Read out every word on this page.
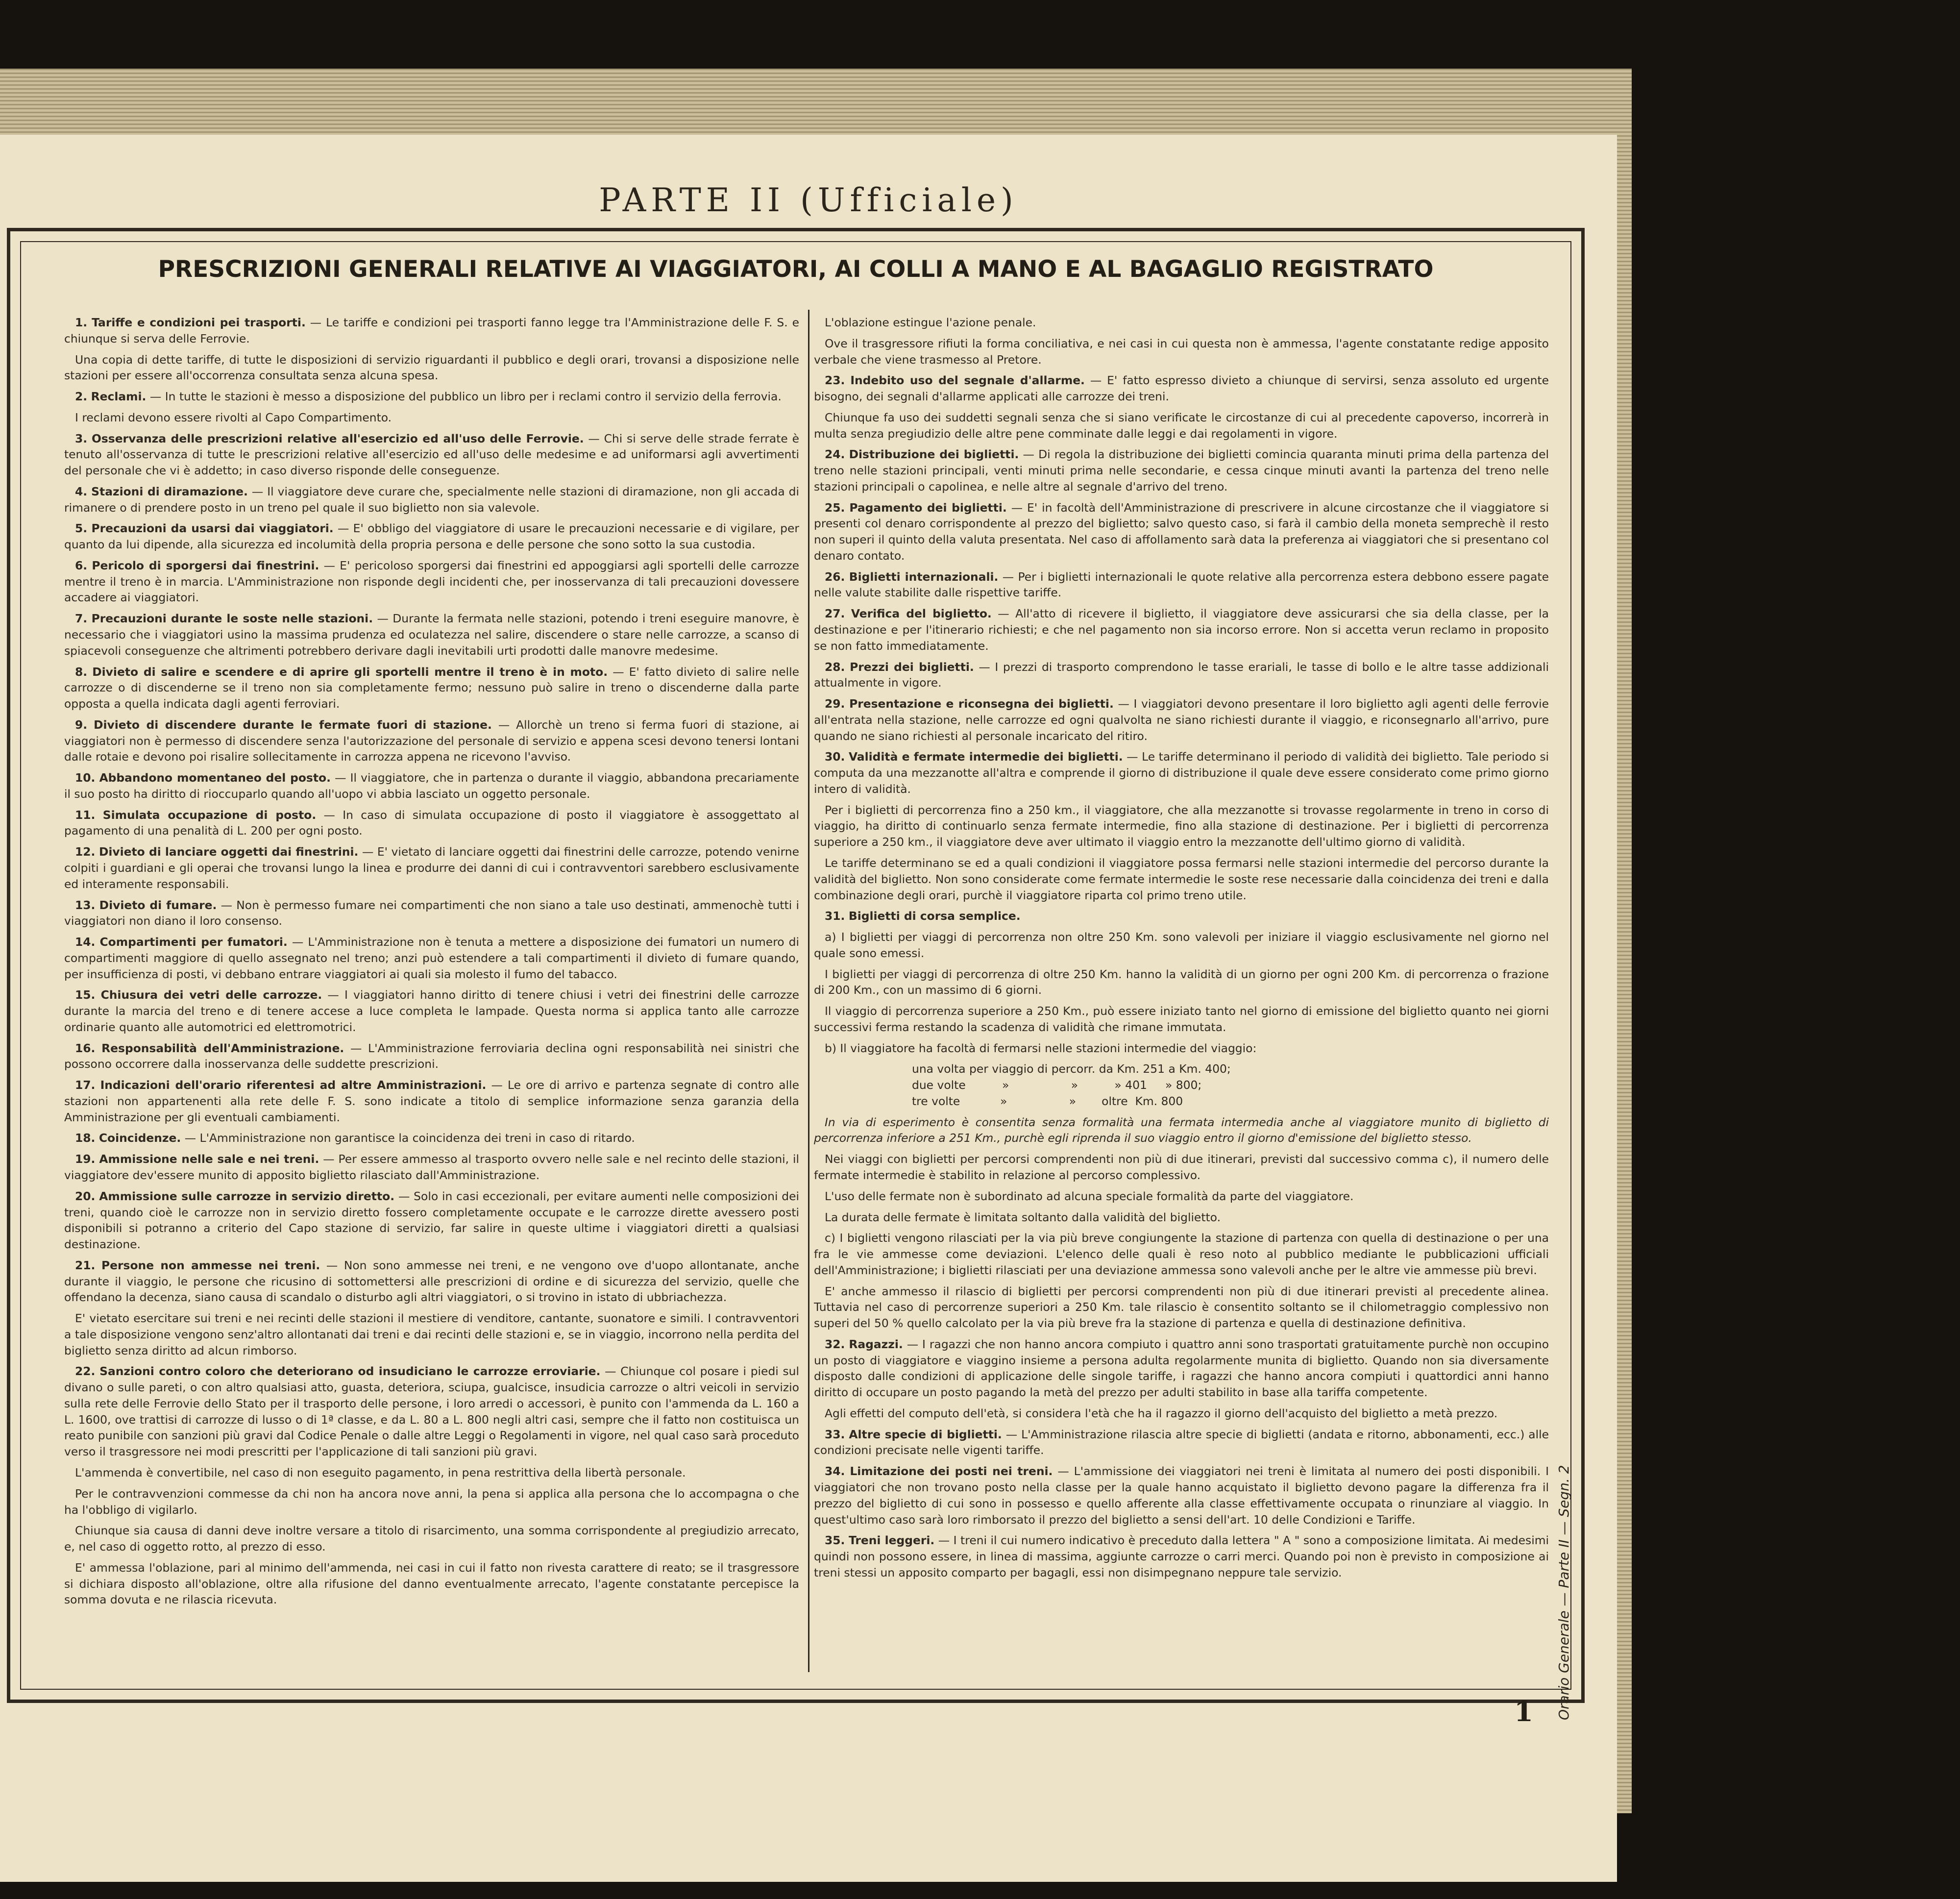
PARTE II (Ufficiale)
PRESCRIZIONI GENERALI RELATIVE AI VIAGGIATORI, AI COLLI A MANO E AL BAGAGLIO REGISTRATO

1. Tariffe e condizioni pei trasporti. — Le tariffe e condizioni pei trasporti fanno legge tra l'Amministrazione delle F. S. e chiunque si serva delle Ferrovie.

Una copia di dette tariffe, di tutte le disposizioni di servizio riguardanti il pubblico e degli orari, trovansi a disposizione nelle stazioni per essere all'occorrenza consultata senza alcuna spesa.

2. Reclami. — In tutte le stazioni è messo a disposizione del pubblico un libro per i reclami contro il servizio della ferrovia.

I reclami devono essere rivolti al Capo Compartimento.

3. Osservanza delle prescrizioni relative all'esercizio ed all'uso delle Ferrovie. — Chi si serve delle strade ferrate è tenuto all'osservanza di tutte le prescrizioni relative all'esercizio ed all'uso delle medesime e ad uniformarsi agli avvertimenti del personale che vi è addetto; in caso diverso risponde delle conseguenze.

4. Stazioni di diramazione. — Il viaggiatore deve curare che, specialmente nelle stazioni di diramazione, non gli accada di rimanere o di prendere posto in un treno pel quale il suo biglietto non sia valevole.

5. Precauzioni da usarsi dai viaggiatori. — E' obbligo del viaggiatore di usare le precauzioni necessarie e di vigilare, per quanto da lui dipende, alla sicurezza ed incolumità della propria persona e delle persone che sono sotto la sua custodia.

6. Pericolo di sporgersi dai finestrini. — E' pericoloso sporgersi dai finestrini ed appoggiarsi agli sportelli delle carrozze mentre il treno è in marcia. L'Amministrazione non risponde degli incidenti che, per inosservanza di tali precauzioni dovessere accadere ai viaggiatori.

7. Precauzioni durante le soste nelle stazioni. — Durante la fermata nelle stazioni, potendo i treni eseguire manovre, è necessario che i viaggiatori usino la massima prudenza ed oculatezza nel salire, discendere o stare nelle carrozze, a scanso di spiacevoli conseguenze che altrimenti potrebbero derivare dagli inevitabili urti prodotti dalle manovre medesime.

8. Divieto di salire e scendere e di aprire gli sportelli mentre il treno è in moto. — E' fatto divieto di salire nelle carrozze o di discenderne se il treno non sia completamente fermo; nessuno può salire in treno o discenderne dalla parte opposta a quella indicata dagli agenti ferroviari.

9. Divieto di discendere durante le fermate fuori di stazione. — Allorchè un treno si ferma fuori di stazione, ai viaggiatori non è permesso di discendere senza l'autorizzazione del personale di servizio e appena scesi devono tenersi lontani dalle rotaie e devono poi risalire sollecitamente in carrozza appena ne ricevono l'avviso.

10. Abbandono momentaneo del posto. — Il viaggiatore, che in partenza o durante il viaggio, abbandona precariamente il suo posto ha diritto di rioccuparlo quando all'uopo vi abbia lasciato un oggetto personale.

11. Simulata occupazione di posto. — In caso di simulata occupazione di posto il viaggiatore è assoggettato al pagamento di una penalità di L. 200 per ogni posto.

12. Divieto di lanciare oggetti dai finestrini. — E' vietato di lanciare oggetti dai finestrini delle carrozze, potendo venirne colpiti i guardiani e gli operai che trovansi lungo la linea e produrre dei danni di cui i contravventori sarebbero esclusivamente ed interamente responsabili.

13. Divieto di fumare. — Non è permesso fumare nei compartimenti che non siano a tale uso destinati, ammenochè tutti i viaggiatori non diano il loro consenso.

14. Compartimenti per fumatori. — L'Amministrazione non è tenuta a mettere a disposizione dei fumatori un numero di compartimenti maggiore di quello assegnato nel treno; anzi può estendere a tali compartimenti il divieto di fumare quando, per insufficienza di posti, vi debbano entrare viaggiatori ai quali sia molesto il fumo del tabacco.

15. Chiusura dei vetri delle carrozze. — I viaggiatori hanno diritto di tenere chiusi i vetri dei finestrini delle carrozze durante la marcia del treno e di tenere accese a luce completa le lampade. Questa norma si applica tanto alle carrozze ordinarie quanto alle automotrici ed elettromotrici.

16. Responsabilità dell'Amministrazione. — L'Amministrazione ferroviaria declina ogni responsabilità nei sinistri che possono occorrere dalla inosservanza delle suddette prescrizioni.

17. Indicazioni dell'orario riferentesi ad altre Amministrazioni. — Le ore di arrivo e partenza segnate di contro alle stazioni non appartenenti alla rete delle F. S. sono indicate a titolo di semplice informazione senza garanzia della Amministrazione per gli eventuali cambiamenti.

18. Coincidenze. — L'Amministrazione non garantisce la coincidenza dei treni in caso di ritardo.

19. Ammissione nelle sale e nei treni. — Per essere ammesso al trasporto ovvero nelle sale e nel recinto delle stazioni, il viaggiatore dev'essere munito di apposito biglietto rilasciato dall'Amministrazione.

20. Ammissione sulle carrozze in servizio diretto. — Solo in casi eccezionali, per evitare aumenti nelle composizioni dei treni, quando cioè le carrozze non in servizio diretto fossero completamente occupate e le carrozze dirette avessero posti disponibili si potranno a criterio del Capo stazione di servizio, far salire in queste ultime i viaggiatori diretti a qualsiasi destinazione.

21. Persone non ammesse nei treni. — Non sono ammesse nei treni, e ne vengono ove d'uopo allontanate, anche durante il viaggio, le persone che ricusino di sottomettersi alle prescrizioni di ordine e di sicurezza del servizio, quelle che offendano la decenza, siano causa di scandalo o disturbo agli altri viaggiatori, o si trovino in istato di ubbriachezza.

E' vietato esercitare sui treni e nei recinti delle stazioni il mestiere di venditore, cantante, suonatore e simili. I contravventori a tale disposizione vengono senz'altro allontanati dai treni e dai recinti delle stazioni e, se in viaggio, incorrono nella perdita del biglietto senza diritto ad alcun rimborso.

22. Sanzioni contro coloro che deteriorano od insudiciano le carrozze erroviarie. — Chiunque col posare i piedi sul divano o sulle pareti, o con altro qualsiasi atto, guasta, deteriora, sciupa, gualcisce, insudicia carrozze o altri veicoli in servizio sulla rete delle Ferrovie dello Stato per il trasporto delle persone, i loro arredi o accessori, è punito con l'ammenda da L. 160 a L. 1600, ove trattisi di carrozze di lusso o di 1ª classe, e da L. 80 a L. 800 negli altri casi, sempre che il fatto non costituisca un reato punibile con sanzioni più gravi dal Codice Penale o dalle altre Leggi o Regolamenti in vigore, nel qual caso sarà proceduto verso il trasgressore nei modi prescritti per l'applicazione di tali sanzioni più gravi.

L'ammenda è convertibile, nel caso di non eseguito pagamento, in pena restrittiva della libertà personale.

Per le contravvenzioni commesse da chi non ha ancora nove anni, la pena si applica alla persona che lo accompagna o che ha l'obbligo di vigilarlo.

Chiunque sia causa di danni deve inoltre versare a titolo di risarcimento, una somma corrispondente al pregiudizio arrecato, e, nel caso di oggetto rotto, al prezzo di esso.

E' ammessa l'oblazione, pari al minimo dell'ammenda, nei casi in cui il fatto non rivesta carattere di reato; se il trasgressore si dichiara disposto all'oblazione, oltre alla rifusione del danno eventualmente arrecato, l'agente constatante percepisce la somma dovuta e ne rilascia ricevuta.

L'oblazione estingue l'azione penale.

Ove il trasgressore rifiuti la forma conciliativa, e nei casi in cui questa non è ammessa, l'agente constatante redige apposito verbale che viene trasmesso al Pretore.

23. Indebito uso del segnale d'allarme. — E' fatto espresso divieto a chiunque di servirsi, senza assoluto ed urgente bisogno, dei segnali d'allarme applicati alle carrozze dei treni.

Chiunque fa uso dei suddetti segnali senza che si siano verificate le circostanze di cui al precedente capoverso, incorrerà in multa senza pregiudizio delle altre pene comminate dalle leggi e dai regolamenti in vigore.

24. Distribuzione dei biglietti. — Di regola la distribuzione dei biglietti comincia quaranta minuti prima della partenza del treno nelle stazioni principali, venti minuti prima nelle secondarie, e cessa cinque minuti avanti la partenza del treno nelle stazioni principali o capolinea, e nelle altre al segnale d'arrivo del treno.

25. Pagamento dei biglietti. — E' in facoltà dell'Amministrazione di prescrivere in alcune circostanze che il viaggiatore si presenti col denaro corrispondente al prezzo del biglietto; salvo questo caso, si farà il cambio della moneta semprechè il resto non superi il quinto della valuta presentata. Nel caso di affollamento sarà data la preferenza ai viaggiatori che si presentano col denaro contato.

26. Biglietti internazionali. — Per i biglietti internazionali le quote relative alla percorrenza estera debbono essere pagate nelle valute stabilite dalle rispettive tariffe.

27. Verifica del biglietto. — All'atto di ricevere il biglietto, il viaggiatore deve assicurarsi che sia della classe, per la destinazione e per l'itinerario richiesti; e che nel pagamento non sia incorso errore. Non si accetta verun reclamo in proposito se non fatto immediatamente.

28. Prezzi dei biglietti. — I prezzi di trasporto comprendono le tasse erariali, le tasse di bollo e le altre tasse addizionali attualmente in vigore.

29. Presentazione e riconsegna dei biglietti. — I viaggiatori devono presentare il loro biglietto agli agenti delle ferrovie all'entrata nella stazione, nelle carrozze ed ogni qualvolta ne siano richiesti durante il viaggio, e riconsegnarlo all'arrivo, pure quando ne siano richiesti al personale incaricato del ritiro.

30. Validità e fermate intermedie dei biglietti. — Le tariffe determinano il periodo di validità dei biglietto. Tale periodo si computa da una mezzanotte all'altra e comprende il giorno di distribuzione il quale deve essere considerato come primo giorno intero di validità.

Per i biglietti di percorrenza fino a 250 km., il viaggiatore, che alla mezzanotte si trovasse regolarmente in treno in corso di viaggio, ha diritto di continuarlo senza fermate intermedie, fino alla stazione di destinazione. Per i biglietti di percorrenza superiore a 250 km., il viaggiatore deve aver ultimato il viaggio entro la mezzanotte dell'ultimo giorno di validità.

Le tariffe determinano se ed a quali condizioni il viaggiatore possa fermarsi nelle stazioni intermedie del percorso durante la validità del biglietto. Non sono considerate come fermate intermedie le soste rese necessarie dalla coincidenza dei treni e dalla combinazione degli orari, purchè il viaggiatore riparta col primo treno utile.

31. Biglietti di corsa semplice.

a) I biglietti per viaggi di percorrenza non oltre 250 Km. sono valevoli per iniziare il viaggio esclusivamente nel giorno nel quale sono emessi.

I biglietti per viaggi di percorrenza di oltre 250 Km. hanno la validità di un giorno per ogni 200 Km. di percorrenza o frazione di 200 Km., con un massimo di 6 giorni.

Il viaggio di percorrenza superiore a 250 Km., può essere iniziato tanto nel giorno di emissione del biglietto quanto nei giorni successivi ferma restando la scadenza di validità che rimane immutata.

b) Il viaggiatore ha facoltà di fermarsi nelle stazioni intermedie del viaggio:

una volta per viaggio di percorr. da Km. 251 a Km. 400;
due volte          »                 »          » 401     » 800;
tre volte           »                 »       oltre  Km. 800

In via di esperimento è consentita senza formalità una fermata intermedia anche al viaggiatore munito di biglietto di percorrenza inferiore a 251 Km., purchè egli riprenda il suo viaggio entro il giorno d'emissione del biglietto stesso.

Nei viaggi con biglietti per percorsi comprendenti non più di due itinerari, previsti dal successivo comma c), il numero delle fermate intermedie è stabilito in relazione al percorso complessivo.

L'uso delle fermate non è subordinato ad alcuna speciale formalità da parte del viaggiatore.

La durata delle fermate è limitata soltanto dalla validità del biglietto.

c) I biglietti vengono rilasciati per la via più breve congiungente la stazione di partenza con quella di destinazione o per una fra le vie ammesse come deviazioni. L'elenco delle quali è reso noto al pubblico mediante le pubblicazioni ufficiali dell'Amministrazione; i biglietti rilasciati per una deviazione ammessa sono valevoli anche per le altre vie ammesse più brevi.

E' anche ammesso il rilascio di biglietti per percorsi comprendenti non più di due itinerari previsti al precedente alinea. Tuttavia nel caso di percorrenze superiori a 250 Km. tale rilascio è consentito soltanto se il chilometraggio complessivo non superi del 50 % quello calcolato per la via più breve fra la stazione di partenza e quella di destinazione definitiva.

32. Ragazzi. — I ragazzi che non hanno ancora compiuto i quattro anni sono trasportati gratuitamente purchè non occupino un posto di viaggiatore e viaggino insieme a persona adulta regolarmente munita di biglietto. Quando non sia diversamente disposto dalle condizioni di applicazione delle singole tariffe, i ragazzi che hanno ancora compiuti i quattordici anni hanno diritto di occupare un posto pagando la metà del prezzo per adulti stabilito in base alla tariffa competente.

Agli effetti del computo dell'età, si considera l'età che ha il ragazzo il giorno dell'acquisto del biglietto a metà prezzo.

33. Altre specie di biglietti. — L'Amministrazione rilascia altre specie di biglietti (andata e ritorno, abbonamenti, ecc.) alle condizioni precisate nelle vigenti tariffe.

34. Limitazione dei posti nei treni. — L'ammissione dei viaggiatori nei treni è limitata al numero dei posti disponibili. I viaggiatori che non trovano posto nella classe per la quale hanno acquistato il biglietto devono pagare la differenza fra il prezzo del biglietto di cui sono in possesso e quello afferente alla classe effettivamente occupata o rinunziare al viaggio. In quest'ultimo caso sarà loro rimborsato il prezzo del biglietto a sensi dell'art. 10 delle Condizioni e Tariffe.

35. Treni leggeri. — I treni il cui numero indicativo è preceduto dalla lettera " A " sono a composizione limitata. Ai medesimi quindi non possono essere, in linea di massima, aggiunte carrozze o carri merci. Quando poi non è previsto in composizione ai treni stessi un apposito comparto per bagagli, essi non disimpegnano neppure tale servizio.

1 Orario Generale — Parte II — Segn. 2
